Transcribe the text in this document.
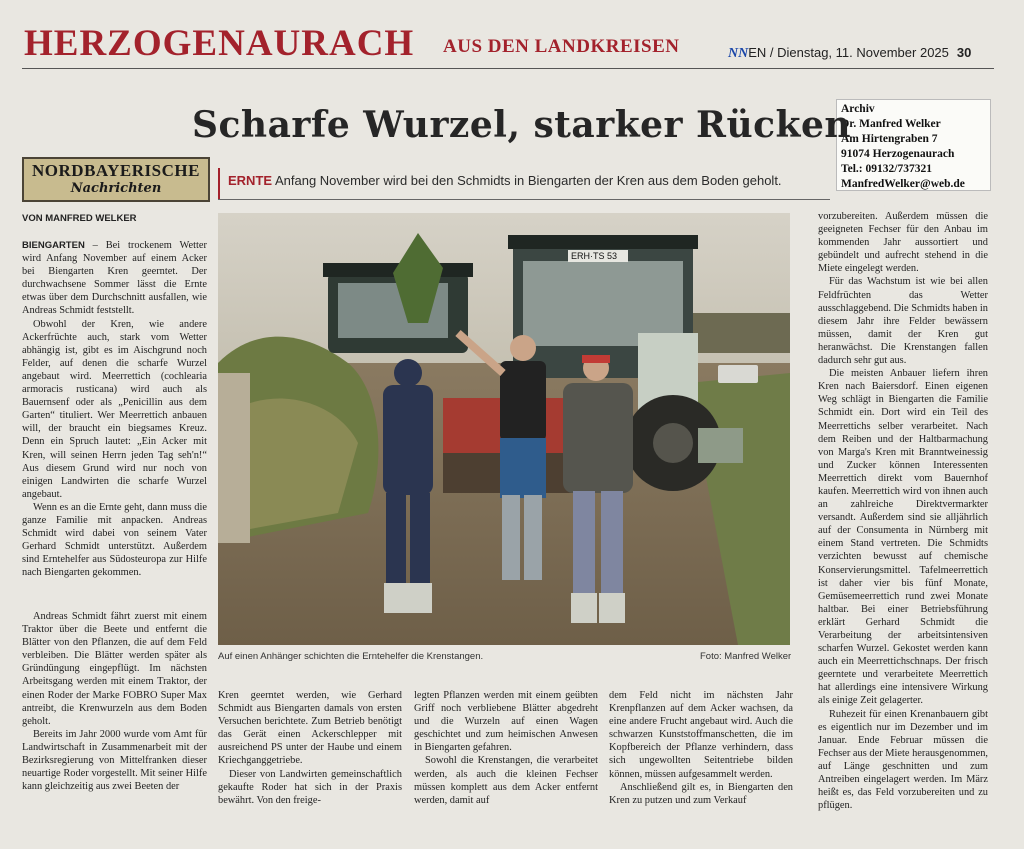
HERZOGENAURACH AUS DEN LANDKREISEN	NNEN / Dienstag, 11. November 2025 30
Archiv
Dr. Manfred Welker
Am Hirtengraben 7
91074 Herzogenaurach
Tel.: 09132/737321
ManfredWelker@web.de
Scharfe Wurzel, starker Rücken
NORDBAYERISCHE
Nachrichten
ERNTE Anfang November wird bei den Schmidts in Biengarten der Kren aus dem Boden geholt.
VON MANFRED WELKER

BIENGARTEN – Bei trockenem Wetter wird Anfang November auf einem Acker bei Biengarten Kren geerntet. Der durchwachsene Sommer lässt die Ernte etwas über dem Durchschnitt ausfallen, wie Andreas Schmidt feststellt.

Obwohl der Kren, wie andere Ackerfrüchte auch, stark vom Wetter abhängig ist, gibt es im Aischgrund noch Felder, auf denen die scharfe Wurzel angebaut wird. Meerrettich (cochlearia armoracis rusticana) wird auch als Bauernsenf oder als „Penicillin aus dem Garten“ tituliert. Wer Meerrettich anbauen will, der braucht ein biegsames Kreuz. Denn ein Spruch lautet: „Ein Acker mit Kren, will seinen Herrn jeden Tag seh'n!“ Aus diesem Grund wird nur noch von einigen Landwirten die scharfe Wurzel angebaut.

Wenn es an die Ernte geht, dann muss die ganze Familie mit anpacken. Andreas Schmidt wird dabei von seinem Vater Gerhard Schmidt unterstützt. Außerdem sind Erntehelfer aus Südosteuropa zur Hilfe nach Biengarten gekommen.

Andreas Schmidt fährt zuerst mit einem Traktor über die Beete und entfernt die Blätter von den Pflanzen, die auf dem Feld verbleiben. Die Blätter werden später als Gründüngung eingepflügt. Im nächsten Arbeitsgang werden mit einem Traktor, der einen Roder der Marke FOBRO Super Max antreibt, die Krenwurzeln aus dem Boden geholt.

Bereits im Jahr 2000 wurde vom Amt für Landwirtschaft in Zusammenarbeit mit der Bezirksregierung von Mittelfranken dieser neuartige Roder vorgestellt. Mit seiner Hilfe kann gleichzeitig aus zwei Beeten der

ERH·TS 53
Auf einen Anhänger schichten die Erntehelfer die Krenstangen.	Foto: Manfred Welker

Kren geerntet werden, wie Gerhard Schmidt aus Biengarten damals von ersten Versuchen berichtete. Zum Betrieb benötigt das Gerät einen Ackerschlepper mit ausreichend PS unter der Haube und einem Kriechganggetriebe.

Dieser von Landwirten gemeinschaftlich gekaufte Roder hat sich in der Praxis bewährt. Von den freige-

legten Pflanzen werden mit einem geübten Griff noch verbliebene Blätter abgedreht und die Wurzeln auf einen Wagen geschichtet und zum heimischen Anwesen in Biengarten gefahren.

Sowohl die Krenstangen, die verarbeitet werden, als auch die kleinen Fechser müssen komplett aus dem Acker entfernt werden, damit auf

dem Feld nicht im nächsten Jahr Krenpflanzen auf dem Acker wachsen, da eine andere Frucht angebaut wird. Auch die schwarzen Kunststoffmanschetten, die im Kopfbereich der Pflanze verhindern, dass sich ungewollten Seitentriebe bilden können, müssen aufgesammelt werden.

Anschließend gilt es, in Biengarten den Kren zu putzen und zum Verkauf

vorzubereiten. Außerdem müssen die geeigneten Fechser für den Anbau im kommenden Jahr aussortiert und gebündelt und aufrecht stehend in die Miete eingelegt werden.

Für das Wachstum ist wie bei allen Feldfrüchten das Wetter ausschlaggebend. Die Schmidts haben in diesem Jahr ihre Felder bewässern müssen, damit der Kren gut heranwächst. Die Krenstangen fallen dadurch sehr gut aus.

Die meisten Anbauer liefern ihren Kren nach Baiersdorf. Einen eigenen Weg schlägt in Biengarten die Familie Schmidt ein. Dort wird ein Teil des Meerrettichs selber verarbeitet. Nach dem Reiben und der Haltbarmachung von Marga's Kren mit Branntweinessig und Zucker können Interessenten Meerrettich direkt vom Bauernhof kaufen. Meerrettich wird von ihnen auch an zahlreiche Direktvermarkter versandt. Außerdem sind sie alljährlich auf der Consumenta in Nürnberg mit einem Stand vertreten. Die Schmidts verzichten bewusst auf chemische Konservierungsmittel. Tafelmeerrettich ist daher vier bis fünf Monate, Gemüsemeerrettich rund zwei Monate haltbar. Bei einer Betriebsführung erklärt Gerhard Schmidt die Verarbeitung der arbeitsintensiven scharfen Wurzel. Gekostet werden kann auch ein Meerrettichschnaps. Der frisch geerntete und verarbeitete Meerrettich hat allerdings eine intensivere Wirkung als einige Zeit gelagerter.

Ruhezeit für einen Krenanbauern gibt es eigentlich nur im Dezember und im Januar. Ende Februar müssen die Fechser aus der Miete herausgenommen, auf Länge geschnitten und zum Antreiben eingelagert werden. Im März heißt es, das Feld vorzubereiten und zu pflügen.
